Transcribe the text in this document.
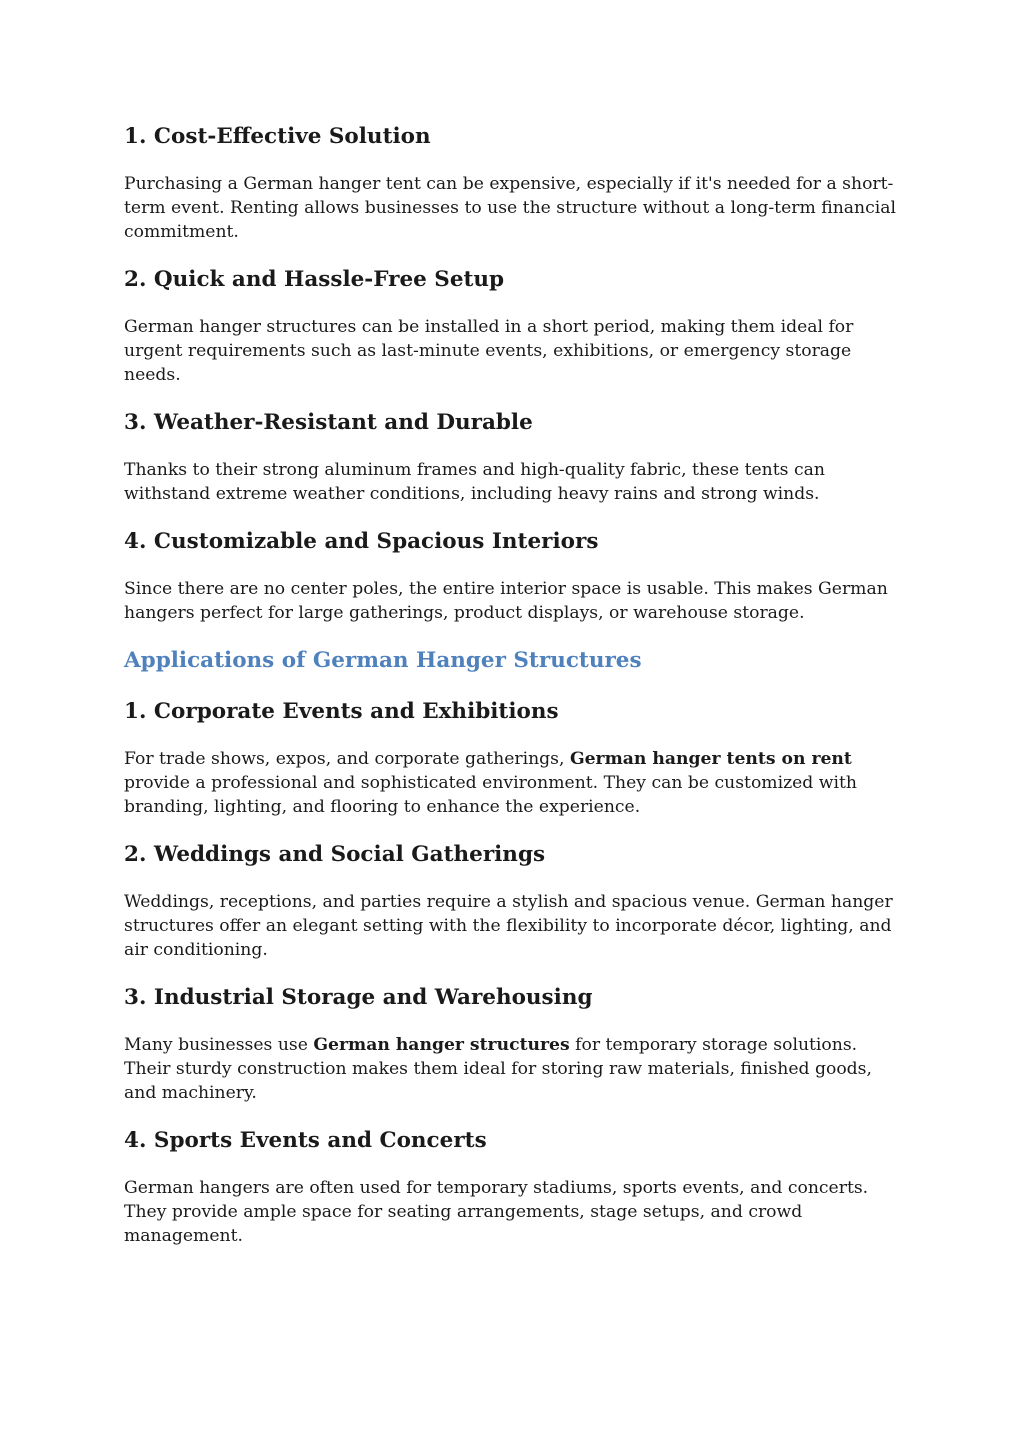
1. Cost-Effective Solution

Purchasing a German hanger tent can be expensive, especially if it's needed for a short-term event. Renting allows businesses to use the structure without a long-term financial commitment.

2. Quick and Hassle-Free Setup

German hanger structures can be installed in a short period, making them ideal for urgent requirements such as last-minute events, exhibitions, or emergency storage needs.

3. Weather-Resistant and Durable

Thanks to their strong aluminum frames and high-quality fabric, these tents can withstand extreme weather conditions, including heavy rains and strong winds.

4. Customizable and Spacious Interiors

Since there are no center poles, the entire interior space is usable. This makes German hangers perfect for large gatherings, product displays, or warehouse storage.

Applications of German Hanger Structures
1. Corporate Events and Exhibitions

For trade shows, expos, and corporate gatherings, German hanger tents on rent provide a professional and sophisticated environment. They can be customized with branding, lighting, and flooring to enhance the experience.

2. Weddings and Social Gatherings

Weddings, receptions, and parties require a stylish and spacious venue. German hanger structures offer an elegant setting with the flexibility to incorporate décor, lighting, and air conditioning.

3. Industrial Storage and Warehousing

Many businesses use German hanger structures for temporary storage solutions. Their sturdy construction makes them ideal for storing raw materials, finished goods, and machinery.

4. Sports Events and Concerts

German hangers are often used for temporary stadiums, sports events, and concerts. They provide ample space for seating arrangements, stage setups, and crowd management.
